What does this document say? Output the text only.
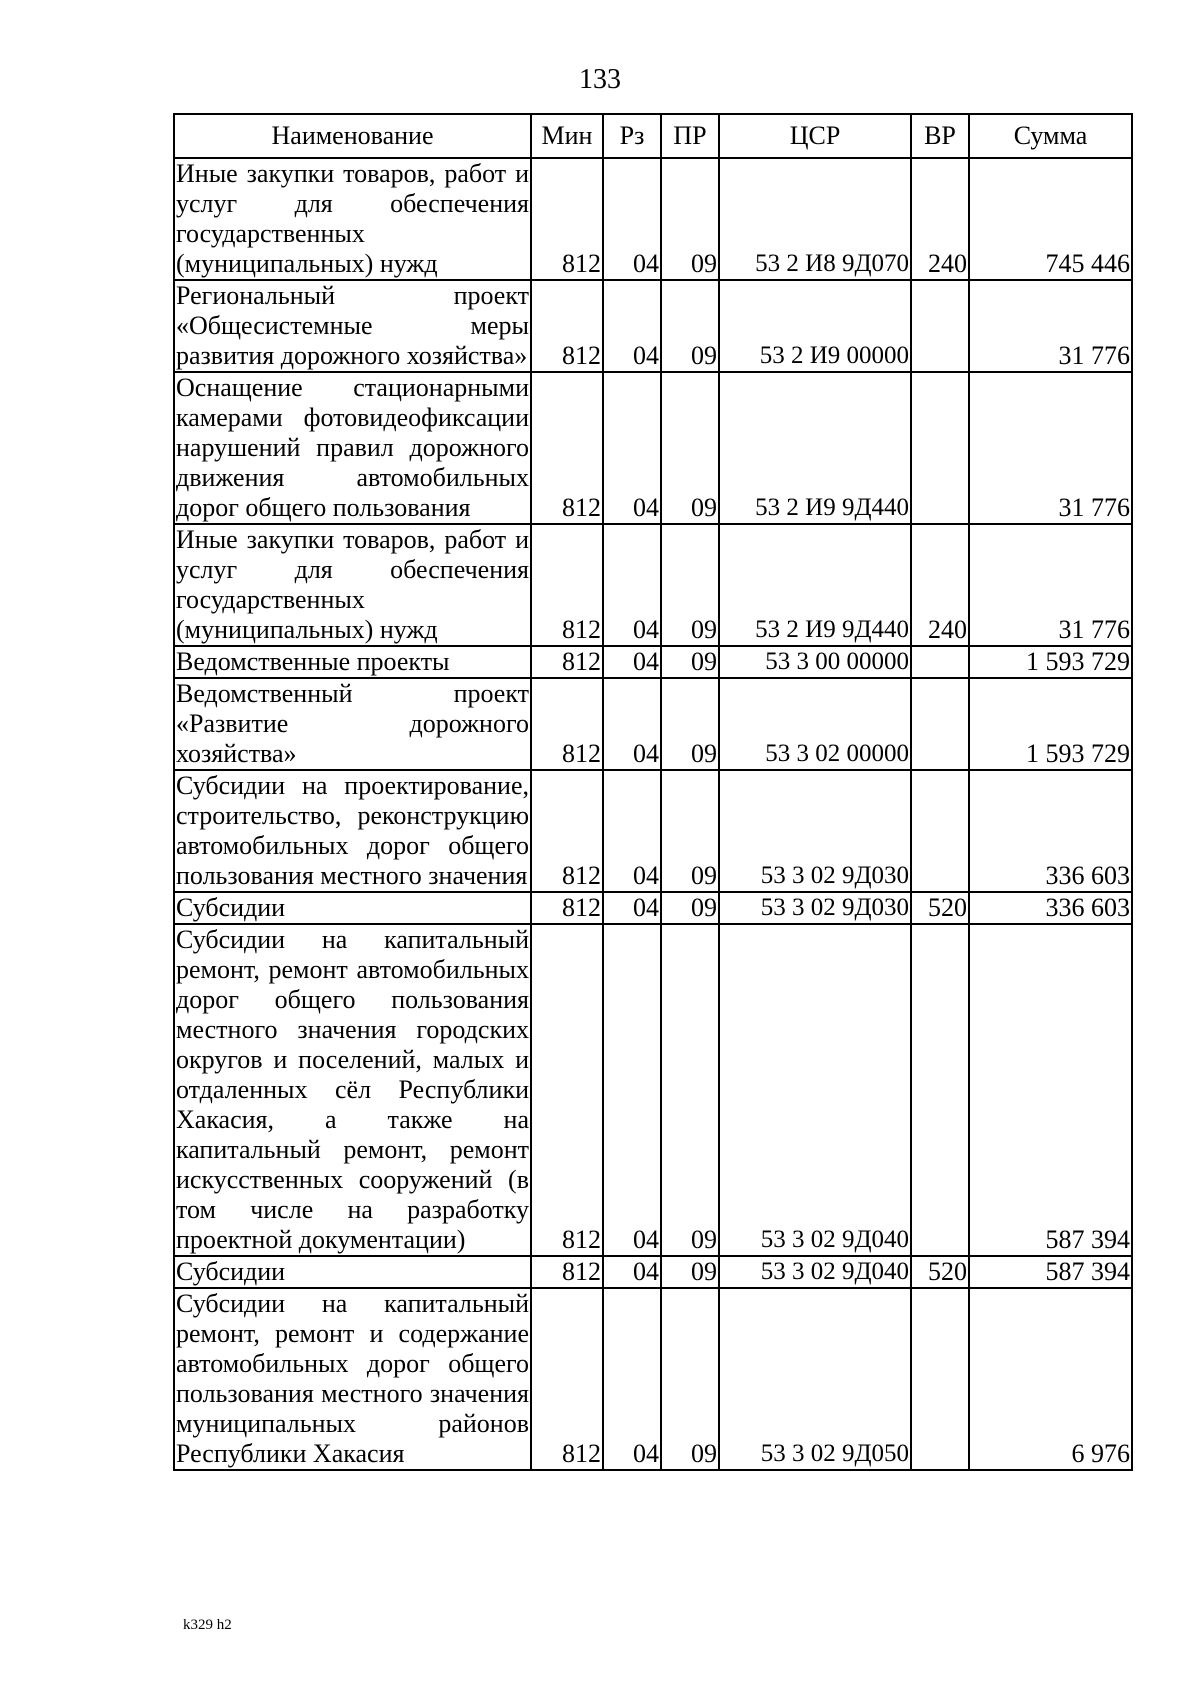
133
Наименование	Мин	Рз	ПР	ЦСР	ВР	Сумма
Иные закупки товаров, работ и услуг для обеспечения государственных (муниципальных) нужд	812	04	09	53 2 И8 9Д070	240	745 446
Региональный проект «Общесистемные меры развития дорожного хозяйства»	812	04	09	53 2 И9 00000		31 776
Оснащение стационарными камерами фотовидеофиксации нарушений правил дорожного движения автомобильных дорог общего пользования	812	04	09	53 2 И9 9Д440		31 776
Иные закупки товаров, работ и услуг для обеспечения государственных (муниципальных) нужд	812	04	09	53 2 И9 9Д440	240	31 776
Ведомственные проекты	812	04	09	53 3 00 00000		1 593 729
Ведомственный проект «Развитие дорожного хозяйства»	812	04	09	53 3 02 00000		1 593 729
Субсидии на проектирование, строительство, реконструкцию автомобильных дорог общего пользования местного значения	812	04	09	53 3 02 9Д030		336 603
Субсидии	812	04	09	53 3 02 9Д030	520	336 603
Субсидии на капитальный ремонт, ремонт автомобильных дорог общего пользования местного значения городских округов и поселений, малых и отдаленных сёл Республики Хакасия, а также на капитальный ремонт, ремонт искусственных сооружений (в том числе на разработку проектной документации)	812	04	09	53 3 02 9Д040		587 394
Субсидии	812	04	09	53 3 02 9Д040	520	587 394
Субсидии на капитальный ремонт, ремонт и содержание автомобильных дорог общего пользования местного значения муниципальных районов Республики Хакасия	812	04	09	53 3 02 9Д050		6 976
k329 h2
